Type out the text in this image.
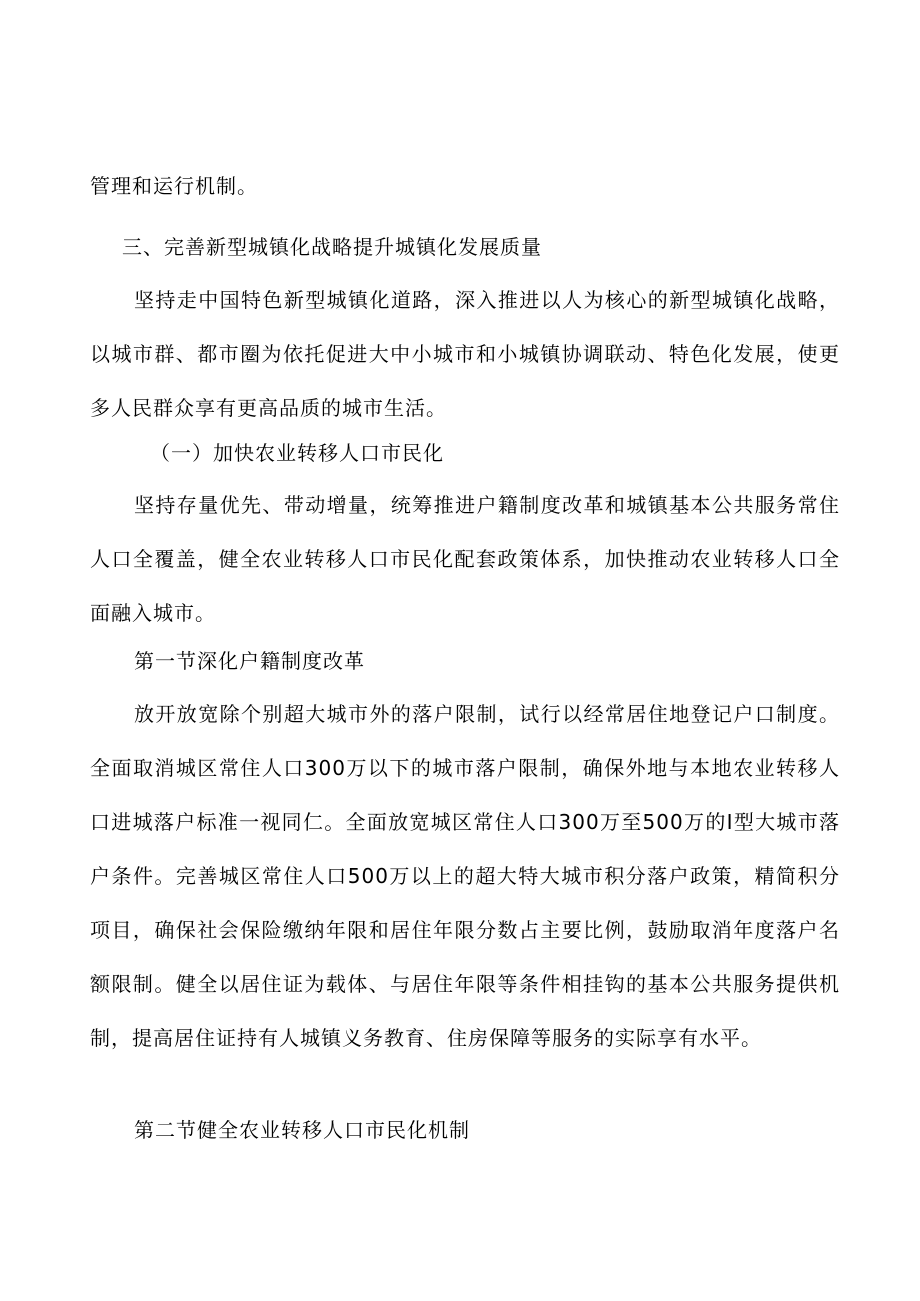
管理和运行机制。

三、完善新型城镇化战略提升城镇化发展质量

坚持走中国特色新型城镇化道路，深入推进以人为核心的新型城镇化战略，以城市群、都市圈为依托促进大中小城市和小城镇协调联动、特色化发展，使更多人民群众享有更高品质的城市生活。

（一）加快农业转移人口市民化

坚持存量优先、带动增量，统筹推进户籍制度改革和城镇基本公共服务常住人口全覆盖，健全农业转移人口市民化配套政策体系，加快推动农业转移人口全面融入城市。

第一节深化户籍制度改革

放开放宽除个别超大城市外的落户限制，试行以经常居住地登记户口制度。全面取消城区常住人口300万以下的城市落户限制，确保外地与本地农业转移人口进城落户标准一视同仁。全面放宽城区常住人口300万至500万的I型大城市落户条件。完善城区常住人口500万以上的超大特大城市积分落户政策，精简积分项目，确保社会保险缴纳年限和居住年限分数占主要比例，鼓励取消年度落户名额限制。健全以居住证为载体、与居住年限等条件相挂钩的基本公共服务提供机制，提高居住证持有人城镇义务教育、住房保障等服务的实际享有水平。

第二节健全农业转移人口市民化机制
